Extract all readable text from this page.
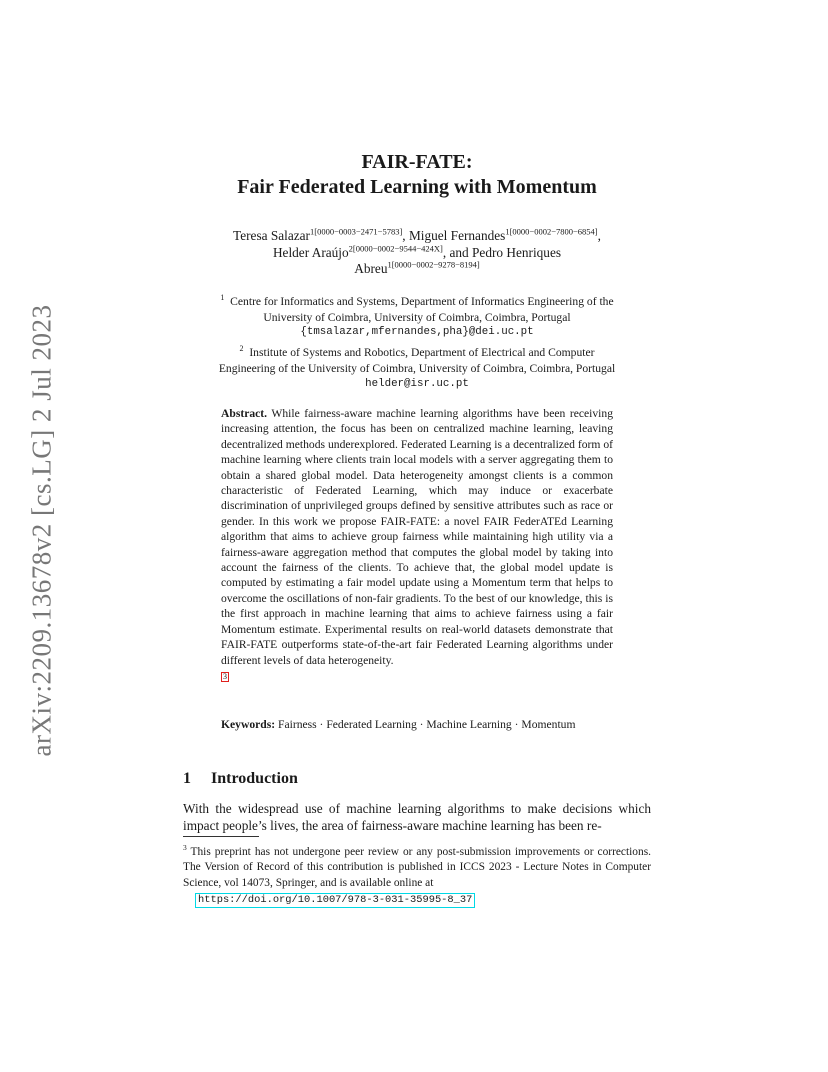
arXiv:2209.13678v2 [cs.LG] 2 Jul 2023
FAIR-FATE:
Fair Federated Learning with Momentum
Teresa Salazar$^{1[0000-0003-2471-5783]}$, Miguel Fernandes$^{1[0000-0002-7800-6854]}$,
Helder Araújo$^{2[0000-0002-9544-424X]}$, and Pedro Henriques
Abreu$^{1[0000-0002-9278-8194]}$
$^1$ Centre for Informatics and Systems, Department of Informatics Engineering of the
University of Coimbra, University of Coimbra, Coimbra, Portugal
{tmsalazar,mfernandes,pha}@dei.uc.pt
$^2$ Institute of Systems and Robotics, Department of Electrical and Computer
Engineering of the University of Coimbra, University of Coimbra, Coimbra, Portugal
helder@isr.uc.pt
Abstract. While fairness-aware machine learning algorithms have been receiving increasing attention, the focus has been on centralized machine learning, leaving decentralized methods underexplored. Federated Learning is a decentralized form of machine learning where clients train local models with a server aggregating them to obtain a shared global model. Data heterogeneity amongst clients is a common characteristic of Federated Learning, which may induce or exacerbate discrimination of unprivileged groups defined by sensitive attributes such as race or gender. In this work we propose FAIR-FATE: a novel FAIR FederATEd Learning algorithm that aims to achieve group fairness while maintaining high utility via a fairness-aware aggregation method that computes the global model by taking into account the fairness of the clients. To achieve that, the global model update is computed by estimating a fair model update using a Momentum term that helps to overcome the oscillations of non-fair gradients. To the best of our knowledge, this is the first approach in machine learning that aims to achieve fairness using a fair Momentum estimate. Experimental results on real-world datasets demonstrate that FAIR-FATE outperforms state-of-the-art fair Federated Learning algorithms under different levels of data heterogeneity.
3
Keywords: Fairness · Federated Learning · Machine Learning · Momentum
1 Introduction
With the widespread use of machine learning algorithms to make decisions which impact people’s lives, the area of fairness-aware machine learning has been re-
$^3$ This preprint has not undergone peer review or any post-submission improvements or corrections. The Version of Record of this contribution is published in ICCS 2023 - Lecture Notes in Computer Science, vol 14073, Springer, and is available online at
https://doi.org/10.1007/978-3-031-35995-8_37
